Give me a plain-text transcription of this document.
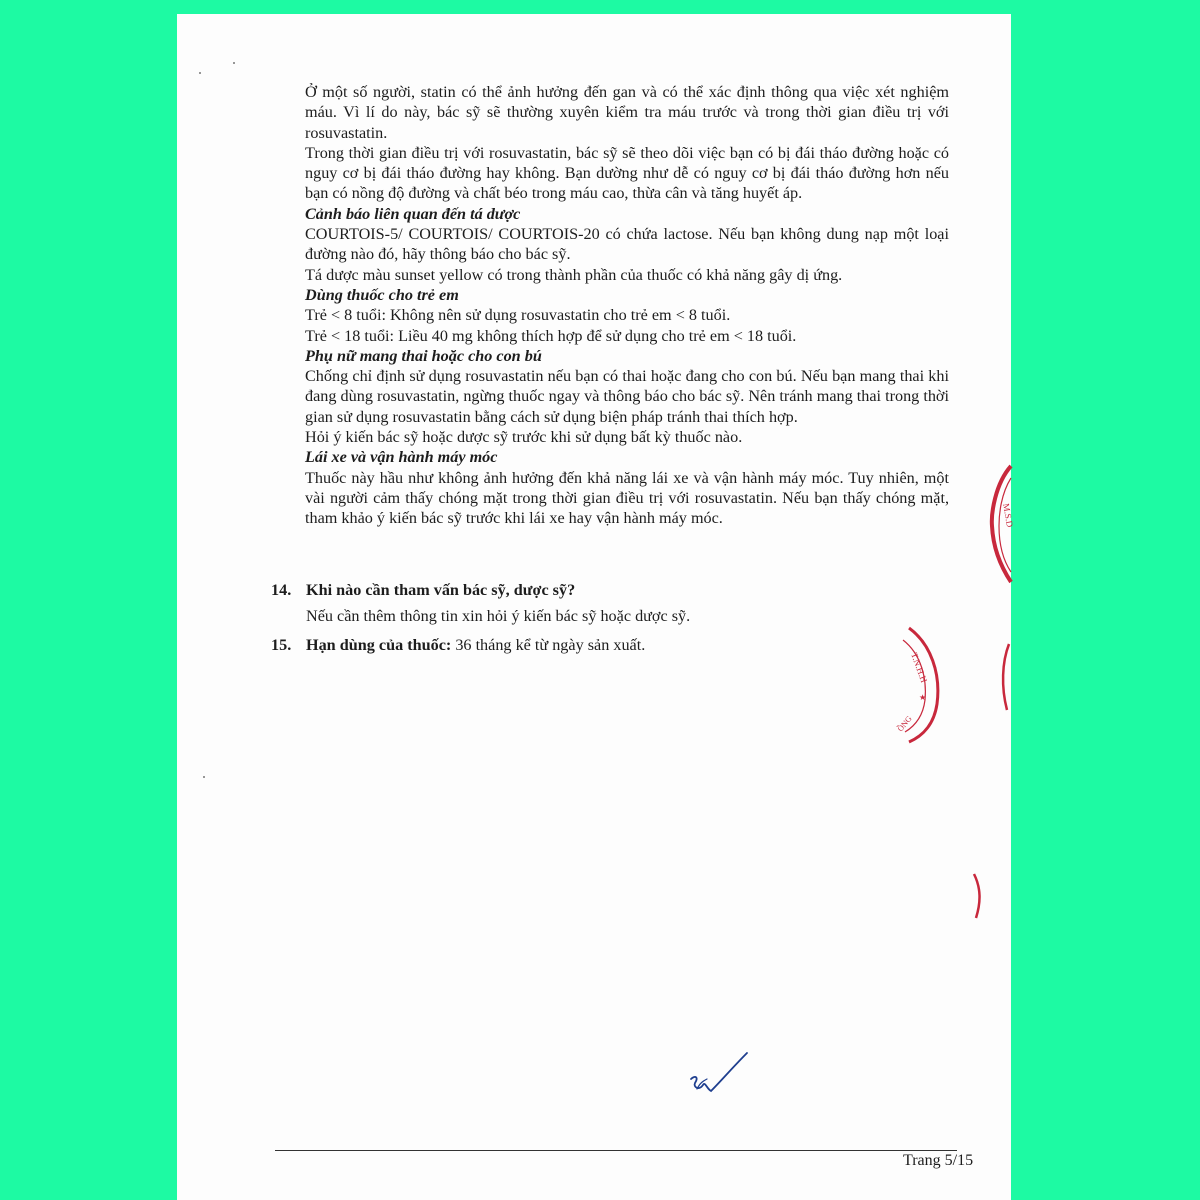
Ở một số người, statin có thể ảnh hưởng đến gan và có thể xác định thông qua việc xét nghiệm máu. Vì lí do này, bác sỹ sẽ thường xuyên kiểm tra máu trước và trong thời gian điều trị với rosuvastatin.

Trong thời gian điều trị với rosuvastatin, bác sỹ sẽ theo dõi việc bạn có bị đái tháo đường hoặc có nguy cơ bị đái tháo đường hay không. Bạn dường như dễ có nguy cơ bị đái tháo đường hơn nếu bạn có nồng độ đường và chất béo trong máu cao, thừa cân và tăng huyết áp.

Cảnh báo liên quan đến tá dược

COURTOIS-5/ COURTOIS/ COURTOIS-20 có chứa lactose. Nếu bạn không dung nạp một loại đường nào đó, hãy thông báo cho bác sỹ.

Tá dược màu sunset yellow có trong thành phần của thuốc có khả năng gây dị ứng.

Dùng thuốc cho trẻ em

Trẻ < 8 tuổi: Không nên sử dụng rosuvastatin cho trẻ em < 8 tuổi.

Trẻ < 18 tuổi: Liều 40 mg không thích hợp để sử dụng cho trẻ em < 18 tuổi.

Phụ nữ mang thai hoặc cho con bú

Chống chỉ định sử dụng rosuvastatin nếu bạn có thai hoặc đang cho con bú. Nếu bạn mang thai khi đang dùng rosuvastatin, ngừng thuốc ngay và thông báo cho bác sỹ. Nên tránh mang thai trong thời gian sử dụng rosuvastatin bằng cách sử dụng biện pháp tránh thai thích hợp.

Hỏi ý kiến bác sỹ hoặc dược sỹ trước khi sử dụng bất kỳ thuốc nào.

Lái xe và vận hành máy móc

Thuốc này hầu như không ảnh hưởng đến khả năng lái xe và vận hành máy móc. Tuy nhiên, một vài người cảm thấy chóng mặt trong thời gian điều trị với rosuvastatin. Nếu bạn thấy chóng mặt, tham khảo ý kiến bác sỹ trước khi lái xe hay vận hành máy móc.

14. Khi nào cần tham vấn bác sỹ, dược sỹ?
Nếu cần thêm thông tin xin hỏi ý kiến bác sỹ hoặc dược sỹ.
15. Hạn dùng của thuốc: 36 tháng kể từ ngày sản xuất.
M.S.D
T.N.H.H
★
ỒNG
Trang 5/15
